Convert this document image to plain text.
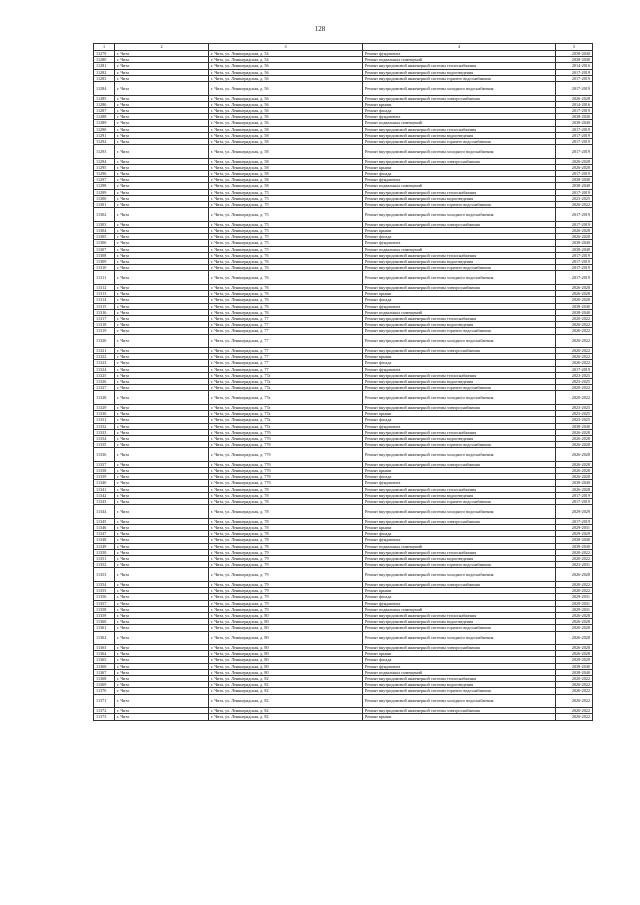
128
1	2	3	4	5
11279	г. Чита	г. Чита, ул. Ленинградская, д. 54	Ремонт фундамента	2038-2040
11280	г. Чита	г. Чита, ул. Ленинградская, д. 54	Ремонт подвальных помещений	2038-2040
11281	г. Чита	г. Чита, ул. Ленинградская, д. 56	Ремонт внутридомовой инженерной системы теплоснабжения	2014-2016
11282	г. Чита	г. Чита, ул. Ленинградская, д. 56	Ремонт внутридомовой инженерной системы водоотведения	2017-2019
11283	г. Чита	г. Чита, ул. Ленинградская, д. 56	Ремонт внутридомовой инженерной системы горячего водоснабжения	2017-2019
11284	г. Чита	г. Чита, ул. Ленинградская, д. 56	Ремонт внутридомовой инженерной системы холодного водоснабжения	2017-2019
11285	г. Чита	г. Чита, ул. Ленинградская, д. 56	Ремонт внутридомовой инженерной системы электроснабжения	2026-2028
11286	г. Чита	г. Чита, ул. Ленинградская, д. 56	Ремонт крыши	2014-2016
11287	г. Чита	г. Чита, ул. Ленинградская, д. 56	Ремонт фасада	2017-2019
11288	г. Чита	г. Чита, ул. Ленинградская, д. 56	Ремонт фундамента	2038-2040
11289	г. Чита	г. Чита, ул. Ленинградская, д. 56	Ремонт подвальных помещений	2038-2040
11290	г. Чита	г. Чита, ул. Ленинградская, д. 58	Ремонт внутридомовой инженерной системы теплоснабжения	2017-2019
11291	г. Чита	г. Чита, ул. Ленинградская, д. 58	Ремонт внутридомовой инженерной системы водоотведения	2017-2019
11292	г. Чита	г. Чита, ул. Ленинградская, д. 58	Ремонт внутридомовой инженерной системы горячего водоснабжения	2017-2019
11293	г. Чита	г. Чита, ул. Ленинградская, д. 58	Ремонт внутридомовой инженерной системы холодного водоснабжения	2017-2019
11294	г. Чита	г. Чита, ул. Ленинградская, д. 58	Ремонт внутридомовой инженерной системы электроснабжения	2026-2028
11295	г. Чита	г. Чита, ул. Ленинградская, д. 58	Ремонт крыши	2026-2028
11296	г. Чита	г. Чита, ул. Ленинградская, д. 58	Ремонт фасада	2017-2019
11297	г. Чита	г. Чита, ул. Ленинградская, д. 58	Ремонт фундамента	2038-2040
11298	г. Чита	г. Чита, ул. Ленинградская, д. 58	Ремонт подвальных помещений	2038-2040
11299	г. Чита	г. Чита, ул. Ленинградская, д. 75	Ремонт внутридомовой инженерной системы теплоснабжения	2017-2019
11300	г. Чита	г. Чита, ул. Ленинградская, д. 75	Ремонт внутридомовой инженерной системы водоотведения	2023-2025
11301	г. Чита	г. Чита, ул. Ленинградская, д. 75	Ремонт внутридомовой инженерной системы горячего водоснабжения	2020-2022
11302	г. Чита	г. Чита, ул. Ленинградская, д. 75	Ремонт внутридомовой инженерной системы холодного водоснабжения	2017-2019
11303	г. Чита	г. Чита, ул. Ленинградская, д. 75	Ремонт внутридомовой инженерной системы электроснабжения	2017-2019
11304	г. Чита	г. Чита, ул. Ленинградская, д. 75	Ремонт крыши	2026-2028
11305	г. Чита	г. Чита, ул. Ленинградская, д. 75	Ремонт фасада	2026-2028
11306	г. Чита	г. Чита, ул. Ленинградская, д. 75	Ремонт фундамента	2038-2040
11307	г. Чита	г. Чита, ул. Ленинградская, д. 75	Ремонт подвальных помещений	2038-2040
11308	г. Чита	г. Чита, ул. Ленинградская, д. 76	Ремонт внутридомовой инженерной системы теплоснабжения	2017-2019
11309	г. Чита	г. Чита, ул. Ленинградская, д. 76	Ремонт внутридомовой инженерной системы водоотведения	2017-2019
11310	г. Чита	г. Чита, ул. Ленинградская, д. 76	Ремонт внутридомовой инженерной системы горячего водоснабжения	2017-2019
11311	г. Чита	г. Чита, ул. Ленинградская, д. 76	Ремонт внутридомовой инженерной системы холодного водоснабжения	2017-2019
11312	г. Чита	г. Чита, ул. Ленинградская, д. 76	Ремонт внутридомовой инженерной системы электроснабжения	2026-2028
11313	г. Чита	г. Чита, ул. Ленинградская, д. 76	Ремонт крыши	2026-2028
11314	г. Чита	г. Чита, ул. Ленинградская, д. 76	Ремонт фасада	2026-2028
11315	г. Чита	г. Чита, ул. Ленинградская, д. 76	Ремонт фундамента	2038-2040
11316	г. Чита	г. Чита, ул. Ленинградская, д. 76	Ремонт подвальных помещений	2038-2040
11317	г. Чита	г. Чита, ул. Ленинградская, д. 77	Ремонт внутридомовой инженерной системы теплоснабжения	2020-2022
11318	г. Чита	г. Чита, ул. Ленинградская, д. 77	Ремонт внутридомовой инженерной системы водоотведения	2020-2022
11319	г. Чита	г. Чита, ул. Ленинградская, д. 77	Ремонт внутридомовой инженерной системы горячего водоснабжения	2020-2022
11320	г. Чита	г. Чита, ул. Ленинградская, д. 77	Ремонт внутридомовой инженерной системы холодного водоснабжения	2020-2022
11321	г. Чита	г. Чита, ул. Ленинградская, д. 77	Ремонт внутридомовой инженерной системы электроснабжения	2020-2022
11322	г. Чита	г. Чита, ул. Ленинградская, д. 77	Ремонт крыши	2020-2022
11323	г. Чита	г. Чита, ул. Ленинградская, д. 77	Ремонт фасада	2020-2022
11324	г. Чита	г. Чита, ул. Ленинградская, д. 77	Ремонт фундамента	2017-2019
11325	г. Чита	г. Чита, ул. Ленинградская, д. 77а	Ремонт внутридомовой инженерной системы теплоснабжения	2023-2025
11326	г. Чита	г. Чита, ул. Ленинградская, д. 77а	Ремонт внутридомовой инженерной системы водоотведения	2023-2025
11327	г. Чита	г. Чита, ул. Ленинградская, д. 77а	Ремонт внутридомовой инженерной системы горячего водоснабжения	2020-2022
11328	г. Чита	г. Чита, ул. Ленинградская, д. 77а	Ремонт внутридомовой инженерной системы холодного водоснабжения	2020-2022
11329	г. Чита	г. Чита, ул. Ленинградская, д. 77а	Ремонт внутридомовой инженерной системы электроснабжения	2023-2025
11330	г. Чита	г. Чита, ул. Ленинградская, д. 77а	Ремонт крыши	2023-2025
11331	г. Чита	г. Чита, ул. Ленинградская, д. 77а	Ремонт фасада	2023-2025
11332	г. Чита	г. Чита, ул. Ленинградская, д. 77а	Ремонт фундамента	2038-2040
11333	г. Чита	г. Чита, ул. Ленинградская, д. 77б	Ремонт внутридомовой инженерной системы теплоснабжения	2026-2028
11334	г. Чита	г. Чита, ул. Ленинградская, д. 77б	Ремонт внутридомовой инженерной системы водоотведения	2026-2028
11335	г. Чита	г. Чита, ул. Ленинградская, д. 77б	Ремонт внутридомовой инженерной системы горячего водоснабжения	2026-2028
11336	г. Чита	г. Чита, ул. Ленинградская, д. 77б	Ремонт внутридомовой инженерной системы холодного водоснабжения	2026-2028
11337	г. Чита	г. Чита, ул. Ленинградская, д. 77б	Ремонт внутридомовой инженерной системы электроснабжения	2026-2028
11338	г. Чита	г. Чита, ул. Ленинградская, д. 77б	Ремонт крыши	2026-2028
11339	г. Чита	г. Чита, ул. Ленинградская, д. 77б	Ремонт фасада	2026-2028
11340	г. Чита	г. Чита, ул. Ленинградская, д. 77б	Ремонт фундамента	2038-2040
11341	г. Чита	г. Чита, ул. Ленинградская, д. 78	Ремонт внутридомовой инженерной системы теплоснабжения	2026-2028
11342	г. Чита	г. Чита, ул. Ленинградская, д. 78	Ремонт внутридомовой инженерной системы водоотведения	2017-2019
11343	г. Чита	г. Чита, ул. Ленинградская, д. 78	Ремонт внутридомовой инженерной системы горячего водоснабжения	2017-2019
11344	г. Чита	г. Чита, ул. Ленинградская, д. 78	Ремонт внутридомовой инженерной системы холодного водоснабжения	2029-2029
11345	г. Чита	г. Чита, ул. Ленинградская, д. 78	Ремонт внутридомовой инженерной системы электроснабжения	2017-2019
11346	г. Чита	г. Чита, ул. Ленинградская, д. 78	Ремонт крыши	2029-2031
11347	г. Чита	г. Чита, ул. Ленинградская, д. 78	Ремонт фасада	2029-2029
11348	г. Чита	г. Чита, ул. Ленинградская, д. 78	Ремонт фундамента	2038-2040
11349	г. Чита	г. Чита, ул. Ленинградская, д. 78	Ремонт подвальных помещений	2038-2040
11350	г. Чита	г. Чита, ул. Ленинградская, д. 79	Ремонт внутридомовой инженерной системы теплоснабжения	2020-2022
11351	г. Чита	г. Чита, ул. Ленинградская, д. 79	Ремонт внутридомовой инженерной системы водоотведения	2020-2022
11352	г. Чита	г. Чита, ул. Ленинградская, д. 79	Ремонт внутридомовой инженерной системы горячего водоснабжения	2023-2031
11353	г. Чита	г. Чита, ул. Ленинградская, д. 79	Ремонт внутридомовой инженерной системы холодного водоснабжения	2026-2028
11354	г. Чита	г. Чита, ул. Ленинградская, д. 79	Ремонт внутридомовой инженерной системы электроснабжения	2020-2022
11355	г. Чита	г. Чита, ул. Ленинградская, д. 79	Ремонт крыши	2020-2022
11356	г. Чита	г. Чита, ул. Ленинградская, д. 79	Ремонт фасада	2029-2031
11357	г. Чита	г. Чита, ул. Ленинградская, д. 79	Ремонт фундамента	2029-2031
11358	г. Чита	г. Чита, ул. Ленинградская, д. 79	Ремонт подвальных помещений	2029-2031
11359	г. Чита	г. Чита, ул. Ленинградская, д. 80	Ремонт внутридомовой инженерной системы теплоснабжения	2026-2028
11360	г. Чита	г. Чита, ул. Ленинградская, д. 80	Ремонт внутридомовой инженерной системы водоотведения	2026-2028
11361	г. Чита	г. Чита, ул. Ленинградская, д. 80	Ремонт внутридомовой инженерной системы горячего водоснабжения	2026-2028
11362	г. Чита	г. Чита, ул. Ленинградская, д. 80	Ремонт внутридомовой инженерной системы холодного водоснабжения	2026-2028
11363	г. Чита	г. Чита, ул. Ленинградская, д. 80	Ремонт внутридомовой инженерной системы электроснабжения	2026-2028
11364	г. Чита	г. Чита, ул. Ленинградская, д. 80	Ремонт крыши	2026-2028
11365	г. Чита	г. Чита, ул. Ленинградская, д. 80	Ремонт фасада	2029-2029
11366	г. Чита	г. Чита, ул. Ленинградская, д. 80	Ремонт фундамента	2038-2040
11367	г. Чита	г. Чита, ул. Ленинградская, д. 80	Ремонт подвальных помещений	2038-2040
11368	г. Чита	г. Чита, ул. Ленинградская, д. 82	Ремонт внутридомовой инженерной системы теплоснабжения	2020-2022
11369	г. Чита	г. Чита, ул. Ленинградская, д. 82	Ремонт внутридомовой инженерной системы водоотведения	2020-2022
11370	г. Чита	г. Чита, ул. Ленинградская, д. 82	Ремонт внутридомовой инженерной системы горячего водоснабжения	2020-2022
11371	г. Чита	г. Чита, ул. Ленинградская, д. 82	Ремонт внутридомовой инженерной системы холодного водоснабжения	2020-2022
11372	г. Чита	г. Чита, ул. Ленинградская, д. 82	Ремонт внутридомовой инженерной системы электроснабжения	2020-2022
11373	г. Чита	г. Чита, ул. Ленинградская, д. 82	Ремонт крыши	2020-2022
